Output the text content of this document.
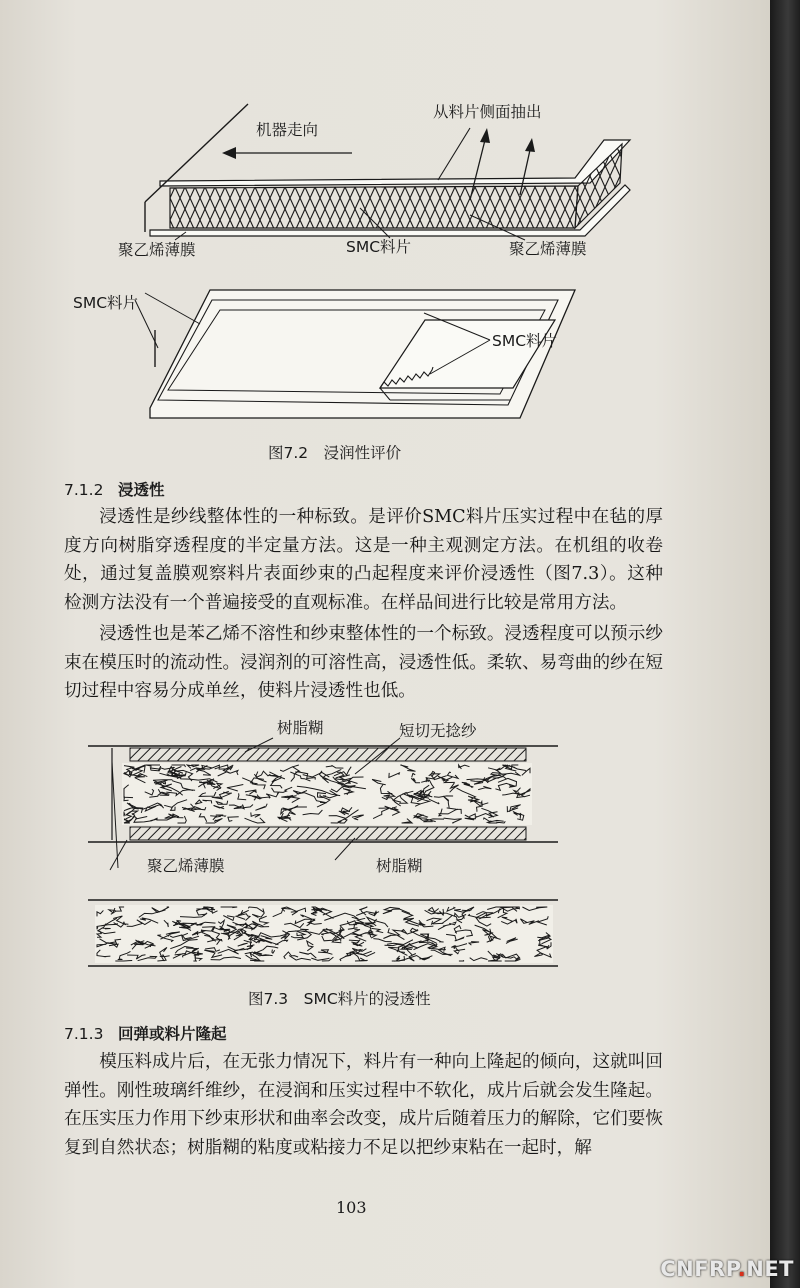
机器走向
从料片侧面抽出
聚乙烯薄膜	SMC料片	聚乙烯薄膜
SMC料片
SMC料片
图7.2　浸润性评价
7.1.2 浸透性

浸透性是纱线整体性的一种标致。是评价SMC料片压实过程中在毡的厚度方向树脂穿透程度的半定量方法。这是一种主观测定方法。在机组的收卷处，通过复盖膜观察料片表面纱束的凸起程度来评价浸透性（图7.3）。这种检测方法没有一个普遍接受的直观标准。在样品间进行比较是常用方法。

浸透性也是苯乙烯不溶性和纱束整体性的一个标致。浸透程度可以预示纱束在模压时的流动性。浸润剂的可溶性高，浸透性低。柔软、易弯曲的纱在短切过程中容易分成单丝，使料片浸透性也低。

树脂糊	短切无捻纱
聚乙烯薄膜	树脂糊
图7.3　SMC料片的浸透性
7.1.3 回弹或料片隆起

模压料成片后，在无张力情况下，料片有一种向上隆起的倾向，这就叫回弹性。刚性玻璃纤维纱，在浸润和压实过程中不软化，成片后就会发生隆起。在压实压力作用下纱束形状和曲率会改变，成片后随着压力的解除，它们要恢复到自然状态；树脂糊的粘度或粘接力不足以把纱束粘在一起时，解

103
CNFRP.NET
